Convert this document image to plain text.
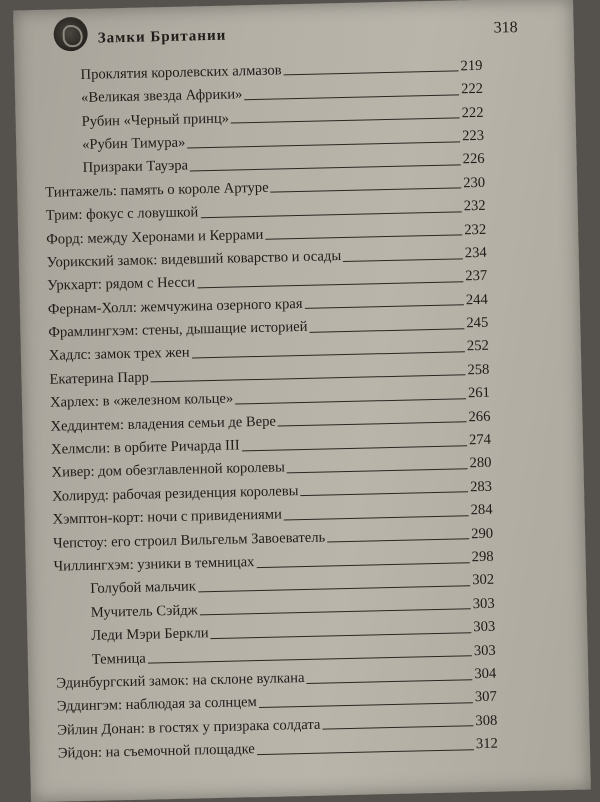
Замки Британии	318
Проклятия королевских алмазов	219
«Великая звезда Африки»	222
Рубин «Черный принц»	222
«Рубин Тимура»	223
Призраки Тауэра	226
Тинтажель: память о короле Артуре	230
Трим: фокус с ловушкой	232
Форд: между Херонами и Керрами	232
Уорикский замок: видевший коварство и осады	234
Уркхарт: рядом с Несси	237
Фернам-Холл: жемчужина озерного края	244
Фрамлингхэм: стены, дышащие историей	245
Хадлс: замок трех жен	252
Екатерина Парр	258
Харлех: в «железном кольце»	261
Хеддинтем: владения семьи де Вере	266
Хелмсли: в орбите Ричарда III	274
Хивер: дом обезглавленной королевы	280
Холируд: рабочая резиденция королевы	283
Хэмптон-корт: ночи с привидениями	284
Чепстоу: его строил Вильгельм Завоеватель	290
Чиллингхэм: узники в темницах	298
Голубой мальчик	302
Мучитель Сэйдж	303
Леди Мэри Беркли	303
Темница	303
Эдинбургский замок: на склоне вулкана	304
Эддингэм: наблюдая за солнцем	307
Эйлин Донан: в гостях у призрака солдата	308
Эйдон: на съемочной площадке	312
